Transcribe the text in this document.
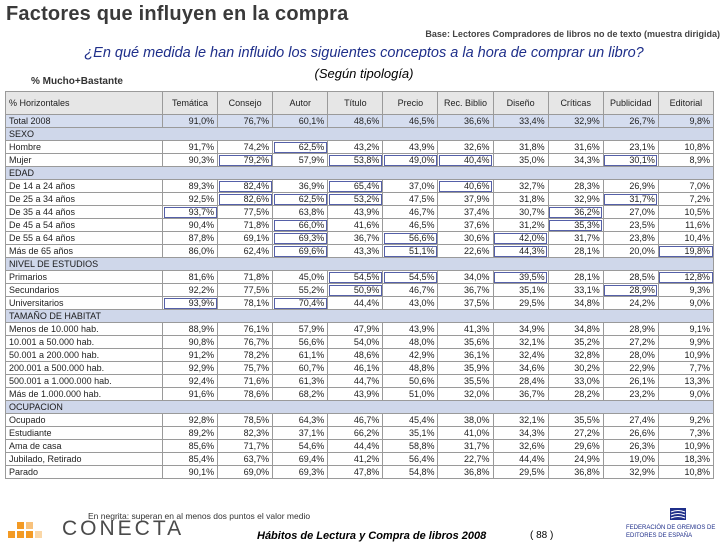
Factores que influyen en la compra
Base: Lectores Compradores de libros no de texto (muestra dirigida)
¿En qué medida le han influido los siguientes conceptos a la hora de comprar un libro?
(Según tipología)
% Mucho+Bastante
% Horizontales	Temática	Consejo	Autor	Título	Precio	Rec. Biblio	Diseño	Críticas	Publicidad	Editorial
Total 2008	91,0%	76,7%	60,1%	48,6%	46,5%	36,6%	33,4%	32,9%	26,7%	9,8%
SEXO										
Hombre	91,7%	74,2%	62,5%	43,2%	43,9%	32,6%	31,8%	31,6%	23,1%	10,8%
Mujer	90,3%	79,2%	57,9%	53,8%	49,0%	40,4%	35,0%	34,3%	30,1%	8,9%
EDAD										
De 14 a 24 años	89,3%	82,4%	36,9%	65,4%	37,0%	40,6%	32,7%	28,3%	26,9%	7,0%
De 25 a 34 años	92,5%	82,6%	62,5%	53,2%	47,5%	37,9%	31,8%	32,9%	31,7%	7,2%
De 35 a 44 años	93,7%	77,5%	63,8%	43,9%	46,7%	37,4%	30,7%	36,2%	27,0%	10,5%
De 45 a 54 años	90,4%	71,8%	66,0%	41,6%	46,5%	37,6%	31,2%	35,3%	23,5%	11,6%
De 55 a 64 años	87,8%	69,1%	69,3%	36,7%	56,6%	30,6%	42,0%	31,7%	23,8%	10,4%
Más de 65 años	86,0%	62,4%	69,6%	43,3%	51,1%	22,6%	44,3%	28,1%	20,0%	19,8%
NIVEL DE ESTUDIOS										
Primarios	81,6%	71,8%	45,0%	54,5%	54,5%	34,0%	39,5%	28,1%	28,5%	12,8%
Secundarios	92,2%	77,5%	55,2%	50,9%	46,7%	36,7%	35,1%	33,1%	28,9%	9,3%
Universitarios	93,9%	78,1%	70,4%	44,4%	43,0%	37,5%	29,5%	34,8%	24,2%	9,0%
TAMAÑO DE HABITAT										
Menos de 10.000 hab.	88,9%	76,1%	57,9%	47,9%	43,9%	41,3%	34,9%	34,8%	28,9%	9,1%
10.001 a 50.000 hab.	90,8%	76,7%	56,6%	54,0%	48,0%	35,6%	32,1%	35,2%	27,2%	9,9%
50.001 a 200.000 hab.	91,2%	78,2%	61,1%	48,6%	42,9%	36,1%	32,4%	32,8%	28,0%	10,9%
200.001 a 500.000 hab.	92,9%	75,7%	60,7%	46,1%	48,8%	35,9%	34,6%	30,2%	22,9%	7,7%
500.001 a 1.000.000 hab.	92,4%	71,6%	61,3%	44,7%	50,6%	35,5%	28,4%	33,0%	26,1%	13,3%
Más de 1.000.000 hab.	91,6%	78,6%	68,2%	43,9%	51,0%	32,0%	36,7%	28,2%	23,2%	9,0%
OCUPACION										
Ocupado	92,8%	78,5%	64,3%	46,7%	45,4%	38,0%	32,1%	35,5%	27,4%	9,2%
Estudiante	89,2%	82,3%	37,1%	66,2%	35,1%	41,0%	34,3%	27,2%	26,6%	7,3%
Ama de casa	85,6%	71,7%	54,6%	44,4%	58,8%	31,7%	32,6%	29,6%	26,3%	10,9%
Jubilado, Retirado	85,4%	63,7%	69,4%	41,2%	56,4%	22,7%	44,4%	24,9%	19,0%	18,3%
Parado	90,1%	69,0%	69,3%	47,8%	54,8%	36,8%	29,5%	36,8%	32,9%	10,8%
En negrita: superan en al menos dos puntos el valor medio
CONECTA	Hábitos de Lectura y Compra de libros 2008	( 88 )
FEDERACIÓN DE GREMIOS DE EDITORES DE ESPAÑA
